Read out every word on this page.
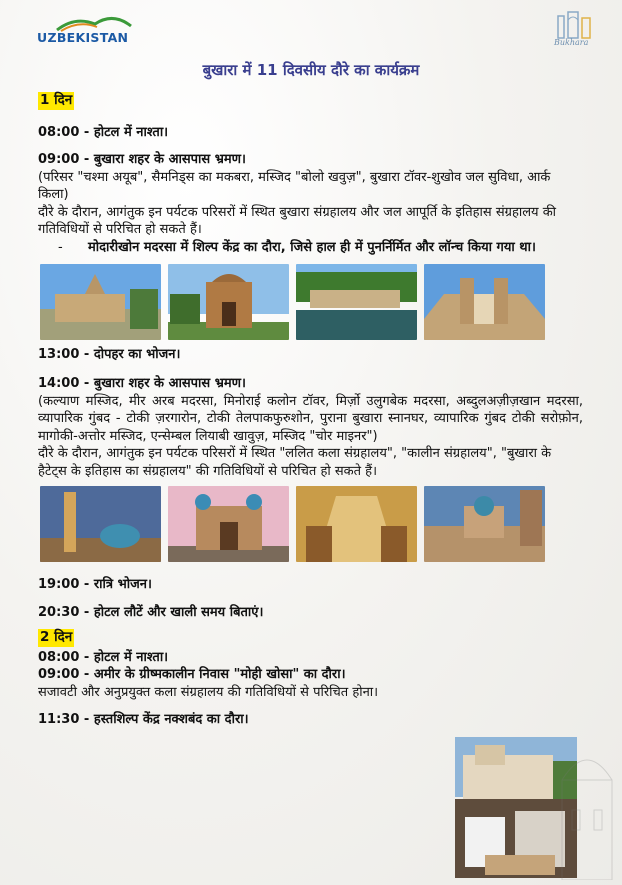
UZBEKISTAN	Bukhara
बुखारा में 11 दिवसीय दौरे का कार्यक्रम
1 दिन

08:00 - होटल में नाश्ता।

09:00 - बुखारा शहर के आसपास भ्रमण।

(परिसर "चश्मा अयूब", सैमनिड्स का मकबरा, मस्जिद "बोलो खवुज़", बुखारा टॉवर-शुखोव जल सुविधा, आर्क किला)

दौरे के दौरान, आगंतुक इन पर्यटक परिसरों में स्थित बुखारा संग्रहालय और जल आपूर्ति के इतिहास संग्रहालय की गतिविधियों से परिचित हो सकते हैं।

-	मोदारीखोन मदरसा में शिल्प केंद्र का दौरा, जिसे हाल ही में पुनर्निर्मित और लॉन्च किया गया था।

13:00 - दोपहर का भोजन।

14:00 - बुखारा शहर के आसपास भ्रमण।

(कल्याण मस्जिद, मीर अरब मदरसा, मिनोराई कलोन टॉवर, मिर्ज़ो उलुगबेक मदरसा, अब्दुलअज़ीज़खान मदरसा, व्यापारिक गुंबद - टोकी ज़रगारोन, टोकी तेलपाकफुरुशोन, पुराना बुखारा स्नानघर, व्यापारिक गुंबद टोकी सरोफ़ोन, मागोकी-अत्तोर मस्जिद, एन्सेम्बल लियाबी खावुज़, मस्जिद "चोर माइनर")

दौरे के दौरान, आगंतुक इन पर्यटक परिसरों में स्थित "ललित कला संग्रहालय", "कालीन संग्रहालय", "बुखारा के हैटेट्स के इतिहास का संग्रहालय" की गतिविधियों से परिचित हो सकते हैं।

19:00 - रात्रि भोजन।

20:30 - होटल लौटें और खाली समय बिताएं।

2 दिन

08:00 - होटल में नाश्ता।

09:00 - अमीर के ग्रीष्मकालीन निवास "मोही खोसा" का दौरा।

सजावटी और अनुप्रयुक्त कला संग्रहालय की गतिविधियों से परिचित होना।

11:30 - हस्तशिल्प केंद्र नक्शबंद का दौरा।
